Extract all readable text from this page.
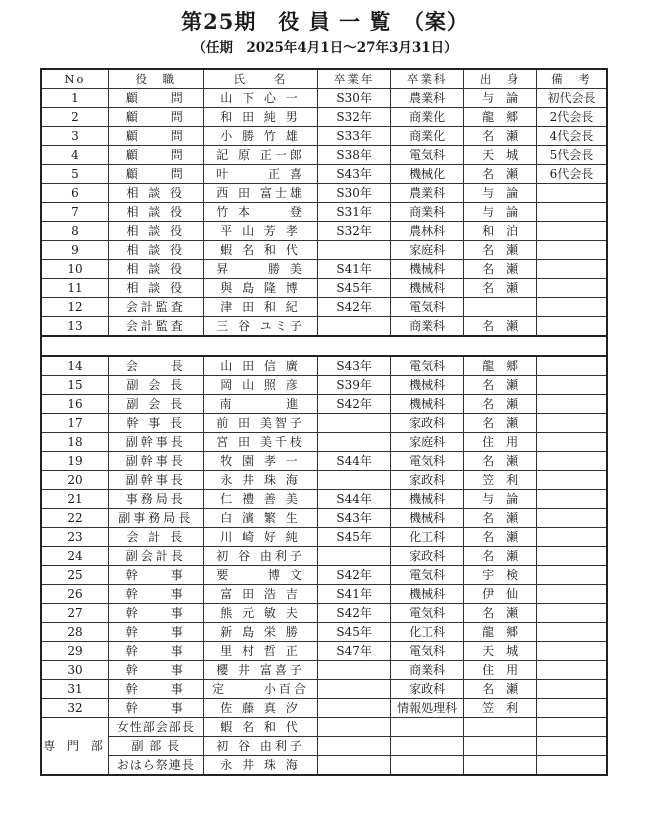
第25期　役 員 一 覧　（案）
（任期　2025年4月1日～27年3月31日）
No	役　職	氏　　名	卒業年	卒業科	出　身	備　考
1	顧　　問	山 下 心 一	S30年	農業科	与　論	初代会長
2	顧　　問	和 田 純 男	S32年	商業化	龍　郷	2代会長
3	顧　　問	小 勝 竹 雄	S33年	商業化	名　瀬	4代会長
4	顧　　問	記 原 正一郎	S38年	電気科	天　城	5代会長
5	顧　　問	叶　　 正 喜	S43年	機械化	名　瀬	6代会長
6	相 談 役	西 田 富士雄	S30年	農業科	与　論	
7	相 談 役	竹 本　　 登	S31年	商業科	与　論	
8	相 談 役	平 山 芳 孝	S32年	農林科	和　泊	
9	相 談 役	蝦 名 和 代		家庭科	名　瀬	
10	相 談 役	昇　　 勝 美	S41年	機械科	名　瀬	
11	相 談 役	與 島 隆 博	S45年	機械科	名　瀬	
12	会計監査	津 田 和 紀	S42年	電気科		
13	会計監査	三 谷 ユミ子		商業科	名　瀬	

14	会　　長	山 田 信 廣	S43年	電気科	龍　郷	
15	副 会 長	岡 山 照 彦	S39年	機械科	名　瀬	
16	副 会 長	南　　　 進	S42年	機械科	名　瀬	
17	幹 事 長	前 田 美智子		家政科	名　瀬	
18	副幹事長	宮 田 美千枝		家庭科	住　用	
19	副幹事長	牧 園 孝 一	S44年	電気科	名　瀬	
20	副幹事長	永 井 珠 海		家政科	笠　利	
21	事務局長	仁 禮 善 美	S44年	機械科	与　論	
22	副事務局長	白 濱 繁 生	S43年	機械科	名　瀬	
23	会 計 長	川 崎 好 純	S45年	化工科	名　瀬	
24	副会計長	初 谷 由利子		家政科	名　瀬	
25	幹　　事	要　　 博 文	S42年	電気科	宇　検	
26	幹　　事	富 田 浩 吉	S41年	機械科	伊　仙	
27	幹　　事	熊 元 敏 夫	S42年	電気科	名　瀬	
28	幹　　事	新 島 栄 勝	S45年	化工科	龍　郷	
29	幹　　事	里 村 哲 正	S47年	電気科	天　城	
30	幹　　事	櫻 井 富喜子		商業科	住　用	
31	幹　　事	定　　 小百合		家政科	名　瀬	
32	幹　　事	佐 藤 真 汐		情報処理科	笠　利	
専 門 部	女性部会部長	蝦 名 和 代				
	副 部 長	初 谷 由利子				
	おはら祭連長	永 井 珠 海				
